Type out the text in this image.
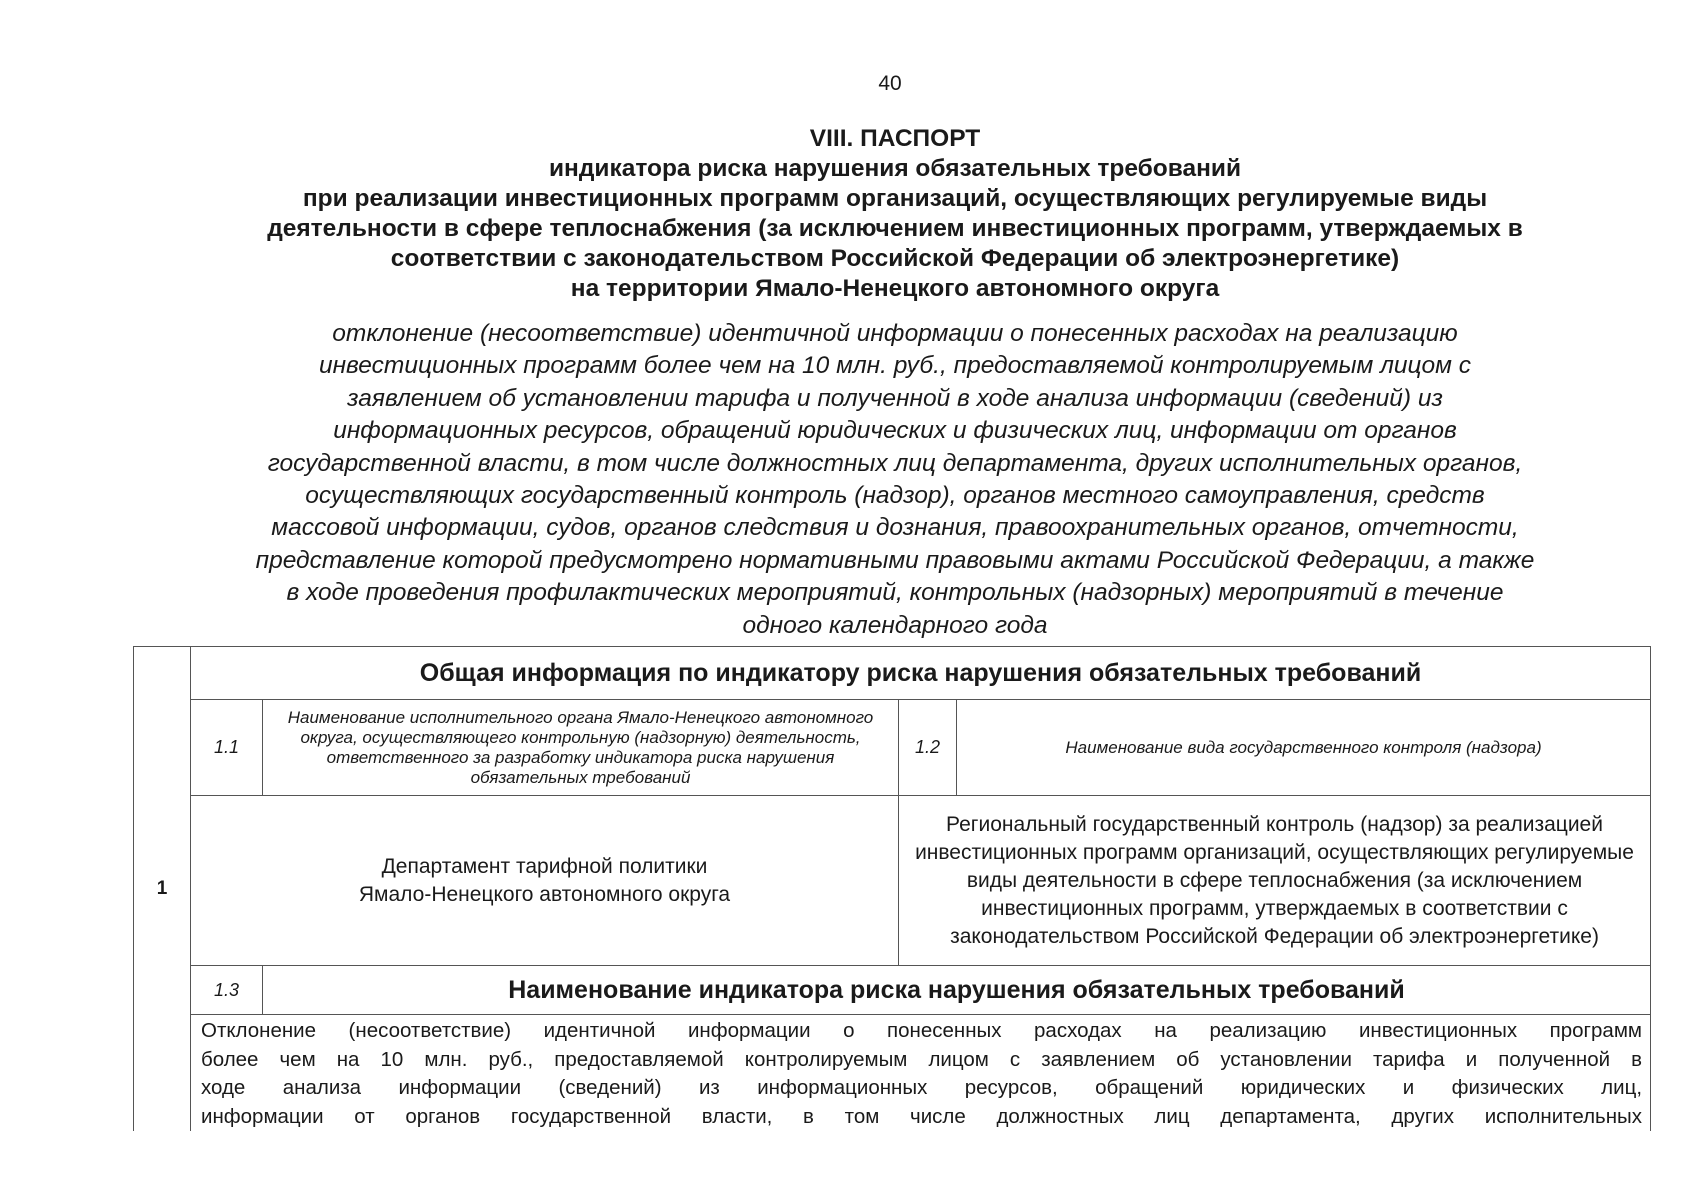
40
VIII. ПАСПОРТ
индикатора риска нарушения обязательных требований
при реализации инвестиционных программ организаций, осуществляющих регулируемые виды
деятельности в сфере теплоснабжения (за исключением инвестиционных программ, утверждаемых в
соответствии с законодательством Российской Федерации об электроэнергетике)
на территории Ямало-Ненецкого автономного округа
отклонение (несоответствие) идентичной информации о понесенных расходах на реализацию
инвестиционных программ более чем на 10 млн. руб., предоставляемой контролируемым лицом с
заявлением об установлении тарифа и полученной в ходе анализа информации (сведений) из
информационных ресурсов, обращений юридических и физических лиц, информации от органов
государственной власти, в том числе должностных лиц департамента, других исполнительных органов,
осуществляющих государственный контроль (надзор), органов местного самоуправления, средств
массовой информации, судов, органов следствия и дознания, правоохранительных органов, отчетности,
представление которой предусмотрено нормативными правовыми актами Российской Федерации, а также
в ходе проведения профилактических мероприятий, контрольных (надзорных) мероприятий в течение
одного календарного года
1	Общая информация по индикатору риска нарушения обязательных требований			
	1.1	Наименование исполнительного органа Ямало-Ненецкого автономного округа, осуществляющего контрольную (надзорную) деятельность, ответственного за разработку индикатора риска нарушения обязательных требований	1.2	Наименование вида государственного контроля (надзора)

	Департамент тарифной политики
Ямало-Ненецкого автономного округа		Региональный государственный контроль (надзор) за реализацией инвестиционных программ организаций, осуществляющих регулируемые виды деятельности в сфере теплоснабжения (за исключением инвестиционных программ, утверждаемых в соответствии с законодательством Российской Федерации об электроэнергетике)	
	1.3	Наименование индикатора риска нарушения обязательных требований		

	Отклонение (несоответствие) идентичной информации о понесенных расходах на реализацию инвестиционных программ
более чем на 10 млн. руб., предоставляемой контролируемым лицом с заявлением об установлении тарифа и полученной в
ходе анализа информации (сведений) из информационных ресурсов, обращений юридических и физических лиц,
информации от органов государственной власти, в том числе должностных лиц департамента, других исполнительных			
